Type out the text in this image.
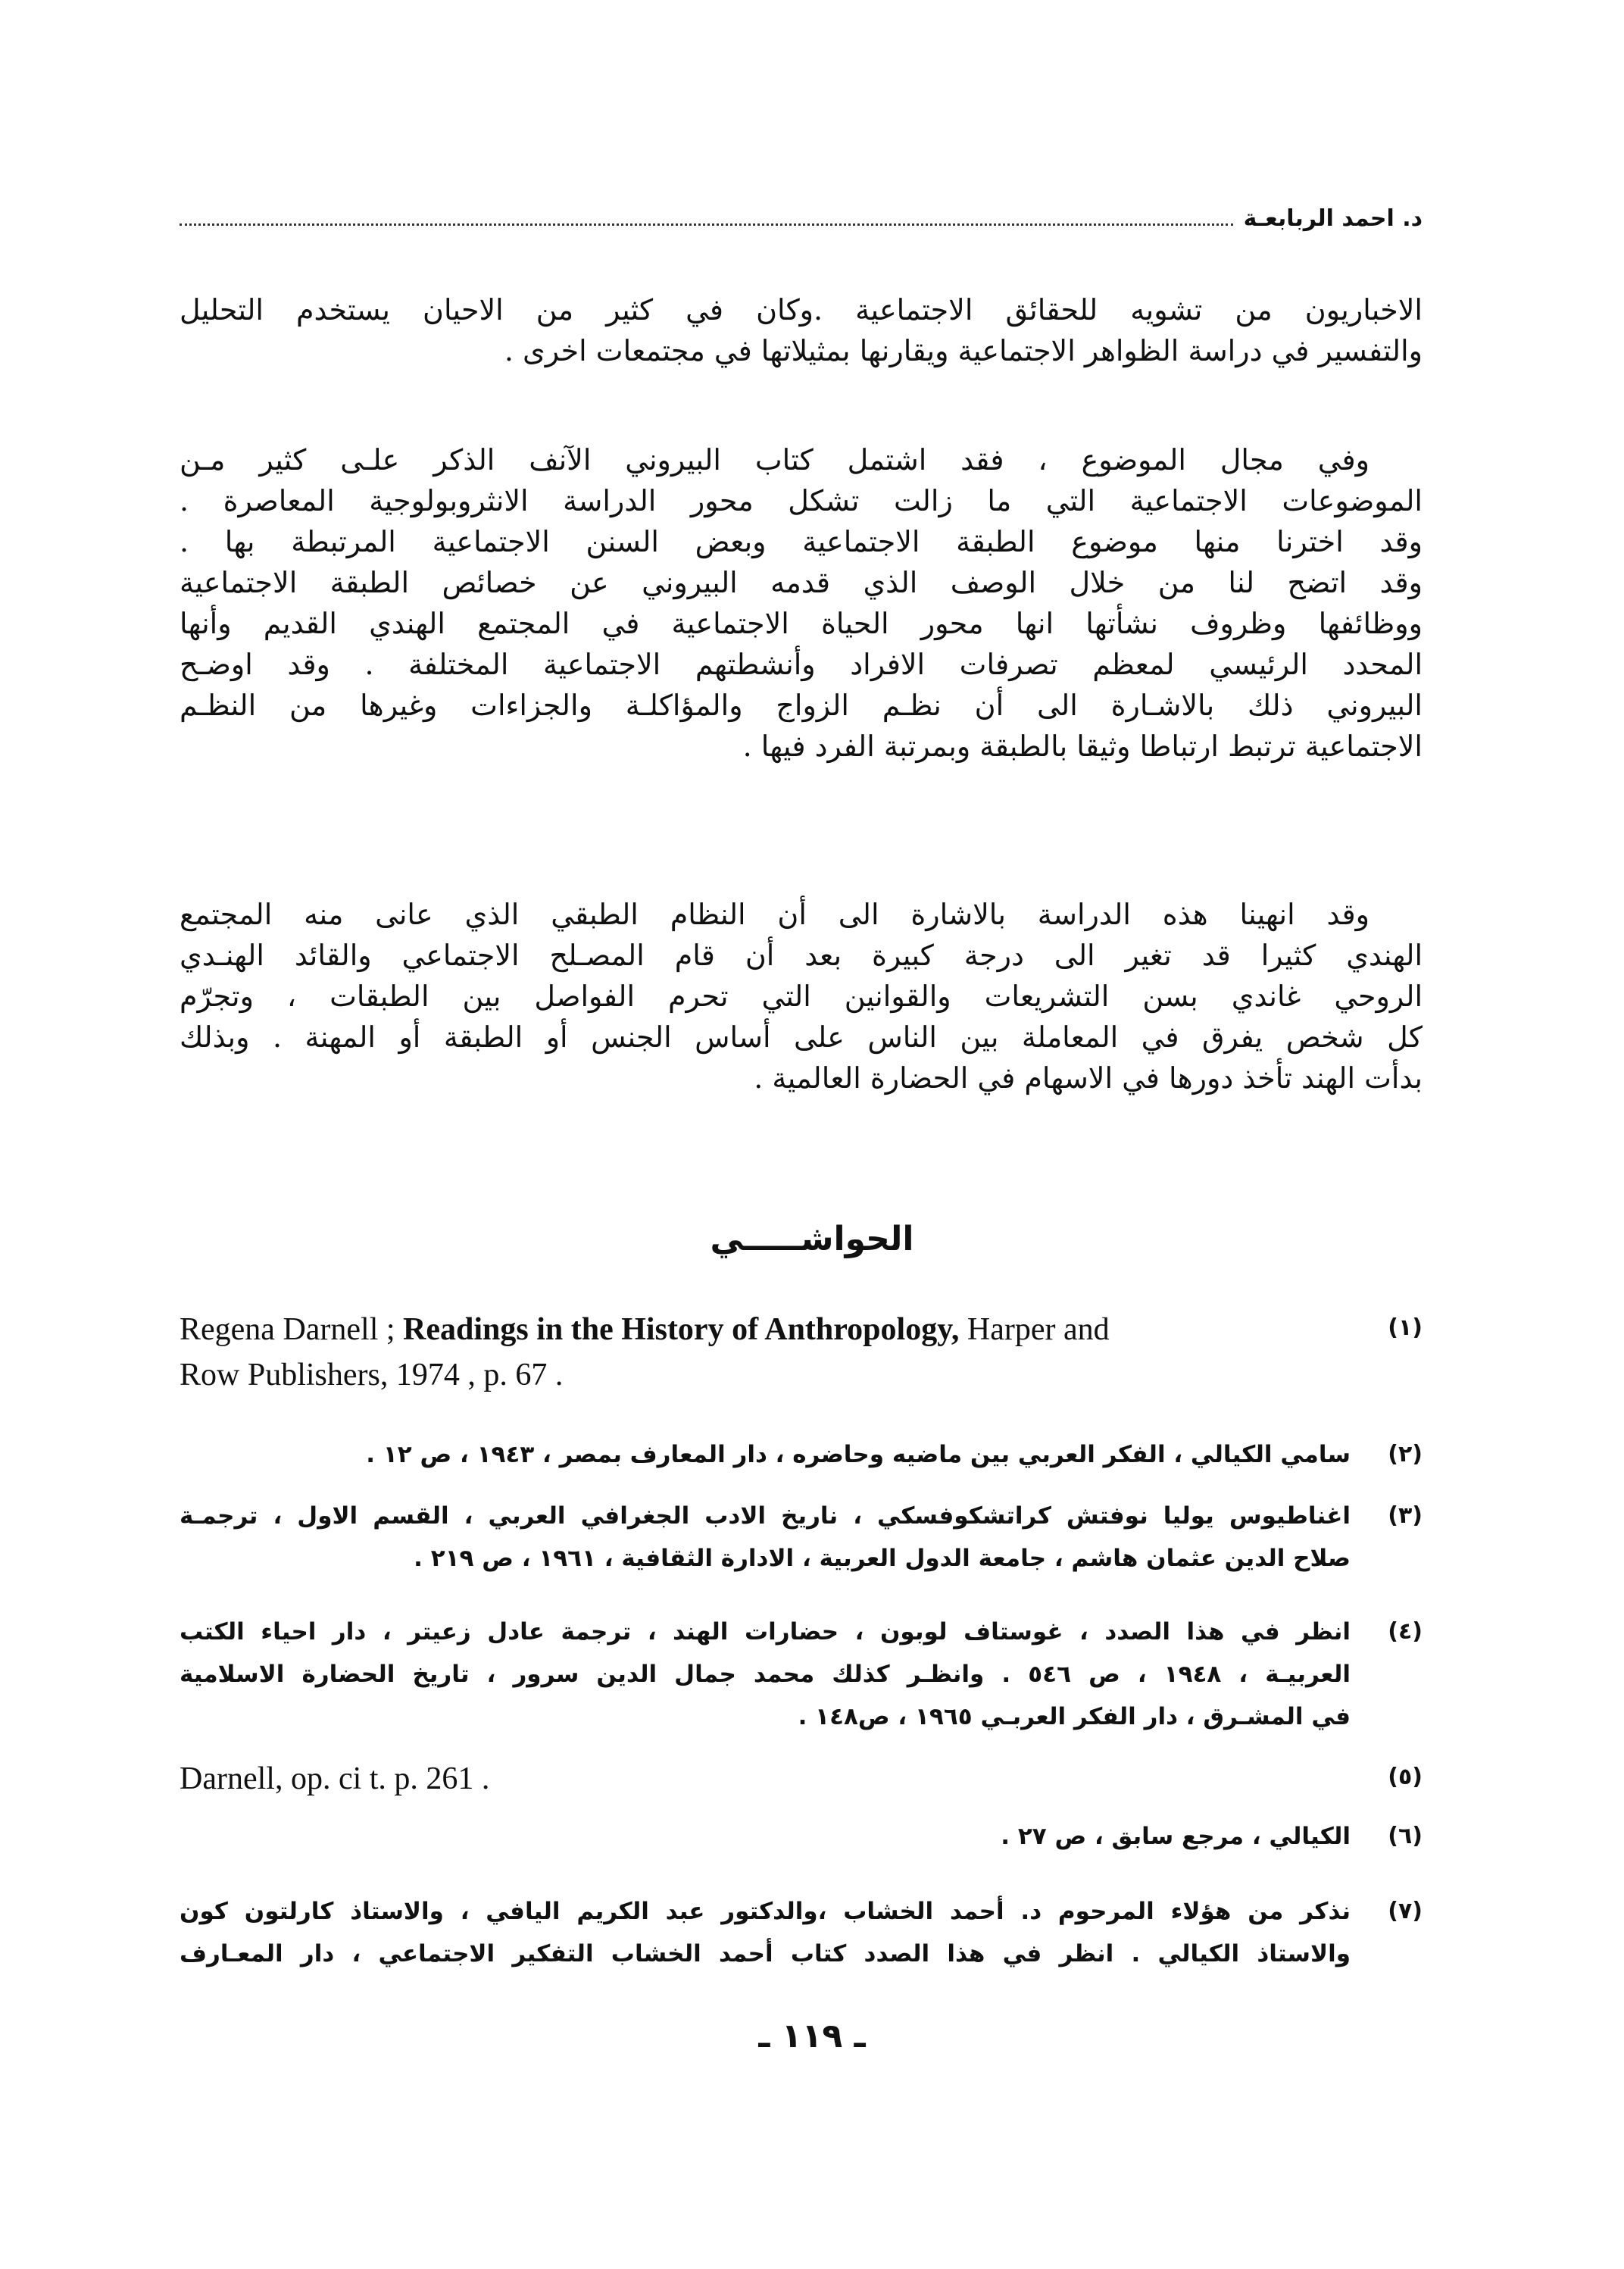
د. احمد الربابعـة
الاخباريون من تشويه للحقائق الاجتماعية .وكان في كثير من الاحيان يستخدم التحليل
والتفسير في دراسة الظواهر الاجتماعية ويقارنها بمثيلاتها في مجتمعات اخرى .
وفي مجال الموضوع ، فقد اشتمل كتاب البيروني الآنف الذكر علـى كثير مـن
الموضوعات الاجتماعية التي ما زالت تشكل محور الدراسة الانثروبولوجية المعاصرة .
وقد اخترنا منها موضوع الطبقة الاجتماعية وبعض السنن الاجتماعية المرتبطة بها .
وقد اتضح لنا من خلال الوصف الذي قدمه البيروني عن خصائص الطبقة الاجتماعية
ووظائفها وظروف نشأتها انها محور الحياة الاجتماعية في المجتمع الهندي القديم وأنها
المحدد الرئيسي لمعظم تصرفات الافراد وأنشطتهم الاجتماعية المختلفة . وقد اوضـح
البيروني ذلك بالاشـارة الى أن نظـم الزواج والمؤاكلـة والجزاءات وغيرها من النظـم
الاجتماعية ترتبط ارتباطا وثيقا بالطبقة وبمرتبة الفرد فيها .
وقد انهينا هذه الدراسة بالاشارة الى أن النظام الطبقي الذي عانى منه المجتمع
الهندي كثيرا قد تغير الى درجة كبيرة بعد أن قام المصـلح الاجتماعي والقائد الهنـدي
الروحي غاندي بسن التشريعات والقوانين التي تحرم الفواصل بين الطبقات ، وتجرّم
كل شخص يفرق في المعاملة بين الناس على أساس الجنس أو الطبقة أو المهنة . وبذلك
بدأت الهند تأخذ دورها في الاسهام في الحضارة العالمية .
الحواشـــــي
(١)
Regena Darnell ; Readings in the History of Anthropology, Harper and
Row Publishers, 1974 , p. 67 .
(٢)
سامي الكيالي ، الفكر العربي بين ماضيه وحاضره ، دار المعارف بمصر ، ١٩٤٣ ، ص ١٢ .
(٣)
اغناطيوس يوليا نوفتش كراتشكوفسكي ، ناريخ الادب الجغرافي العربي ، القسم الاول ، ترجمـة
صلاح الدين عثمان هاشم ، جامعة الدول العربية ، الادارة الثقافية ، ١٩٦١ ، ص ٢١٩ .
(٤)
انظر في هذا الصدد ، غوستاف لوبون ، حضارات الهند ، ترجمة عادل زعيتر ، دار احياء الكتب
العربيـة ، ١٩٤٨ ، ص ٥٤٦ . وانظـر كذلك محمد جمال الدين سرور ، تاريخ الحضارة الاسلامية
في المشـرق ، دار الفكر العربـي ١٩٦٥ ، ص١٤٨ .
(٥)
Darnell, op. ci t. p. 261 .
(٦)
الكيالي ، مرجع سابق ، ص ٢٧ .
(٧)
نذكر من هؤلاء المرحوم د. أحمد الخشاب ،والدكتور عبد الكريم اليافي ، والاستاذ كارلتون كون
والاستاذ الكيالي . انظر في هذا الصدد كتاب أحمد الخشاب التفكير الاجتماعي ، دار المعـارف
ـ ١١٩ ـ
